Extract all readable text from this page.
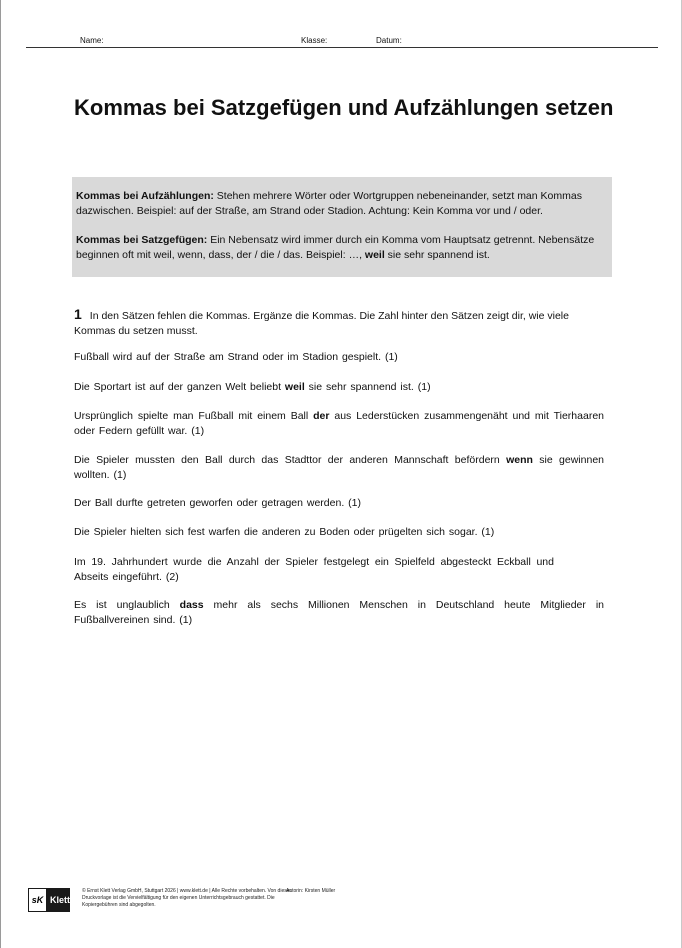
Name:	Klasse:	Datum:
Kommas bei Satzgefügen und Aufzählungen setzen

Kommas bei Aufzählungen: Stehen mehrere Wörter oder Wortgruppen nebeneinander, setzt man Kommas dazwischen. Beispiel: auf der Straße, am Strand oder Stadion. Achtung: Kein Komma vor und / oder.

Kommas bei Satzgefügen: Ein Nebensatz wird immer durch ein Komma vom Hauptsatz getrennt. Nebensätze beginnen oft mit weil, wenn, dass, der / die / das. Beispiel: …, weil sie sehr spannend ist.

1 In den Sätzen fehlen die Kommas. Ergänze die Kommas. Die Zahl hinter den Sätzen zeigt dir, wie viele Kommas du setzen musst.
Fußball wird auf der Straße am Strand oder im Stadion gespielt. (1)
Die Sportart ist auf der ganzen Welt beliebt weil sie sehr spannend ist. (1)
Ursprünglich spielte man Fußball mit einem Ball der aus Lederstücken zusammengenäht und mit Tierhaaren oder Federn gefüllt war. (1)
Die Spieler mussten den Ball durch das Stadttor der anderen Mannschaft befördern wenn sie gewinnen wollten. (1)
Der Ball durfte getreten geworfen oder getragen werden. (1)
Die Spieler hielten sich fest warfen die anderen zu Boden oder prügelten sich sogar. (1)
Im 19. Jahrhundert wurde die Anzahl der Spieler festgelegt ein Spielfeld abgesteckt Eckball und Abseits eingeführt. (2)
Es ist unglaublich dass mehr als sechs Millionen Menschen in Deutschland heute Mitglieder in Fußballvereinen sind. (1)
sK Klett
© Ernst Klett Verlag GmbH, Stuttgart 2026 | www.klett.de | Alle Rechte vorbehalten. Von dieser Druckvorlage ist die Vervielfältigung für den eigenen Unterrichtsgebrauch gestattet. Die Kopiergebühren sind abgegolten.
Autorin: Kirsten Müller
